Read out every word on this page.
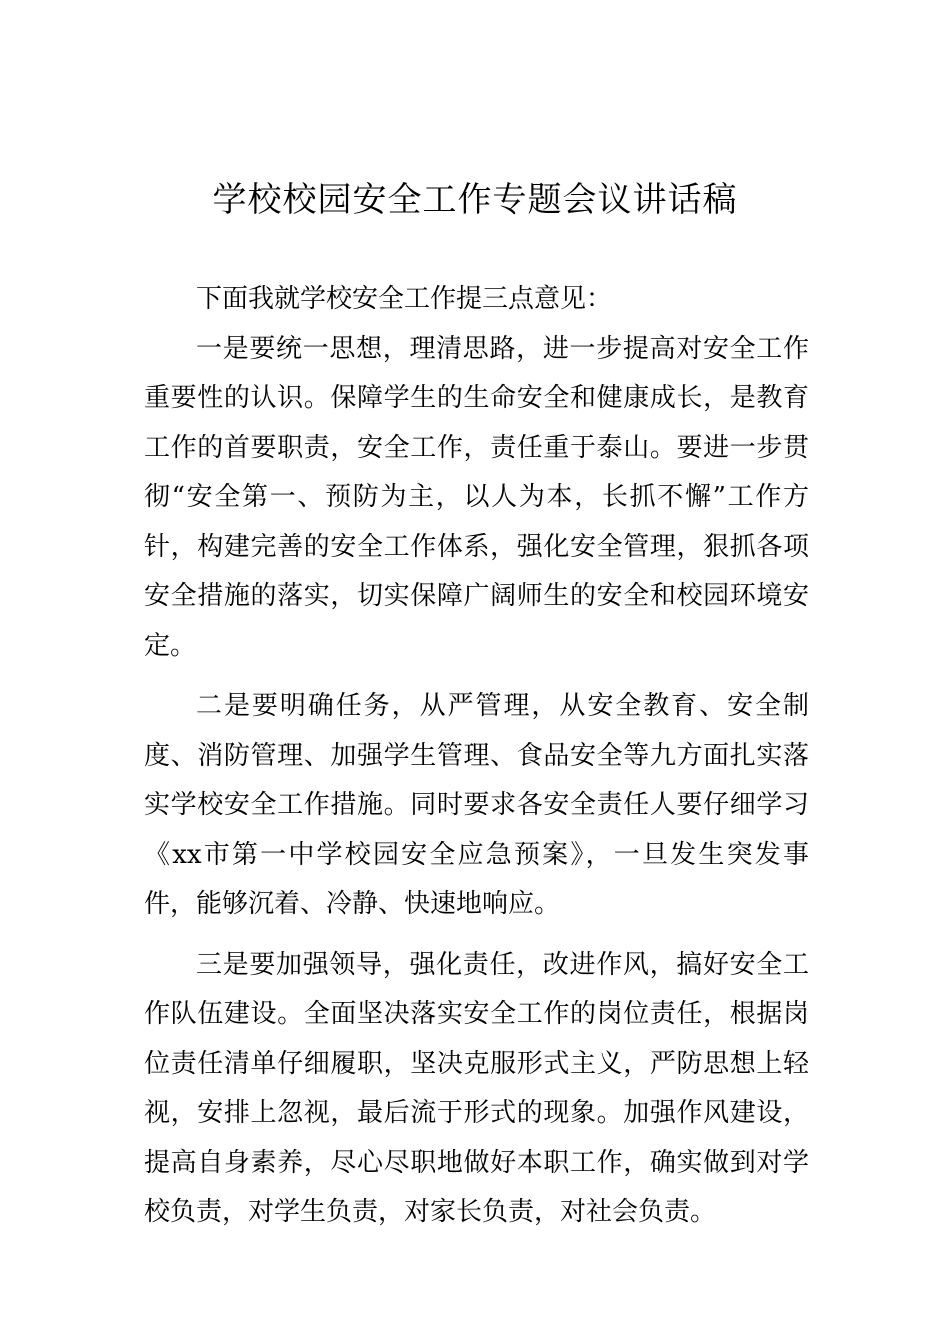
学校校园安全工作专题会议讲话稿

下面我就学校安全工作提三点意见：

一是要统一思想，理清思路，进一步提高对安全工作重要性的认识。保障学生的生命安全和健康成长，是教育工作的首要职责，安全工作，责任重于泰山。要进一步贯彻“安全第一、预防为主，以人为本，长抓不懈”工作方针，构建完善的安全工作体系，强化安全管理，狠抓各项安全措施的落实，切实保障广阔师生的安全和校园环境安定。

二是要明确任务，从严管理，从安全教育、安全制度、消防管理、加强学生管理、食品安全等九方面扎实落实学校安全工作措施。同时要求各安全责任人要仔细学习《xx市第一中学校园安全应急预案》，一旦发生突发事件，能够沉着、冷静、快速地响应。

三是要加强领导，强化责任，改进作风，搞好安全工作队伍建设。全面坚决落实安全工作的岗位责任，根据岗位责任清单仔细履职，坚决克服形式主义，严防思想上轻视，安排上忽视，最后流于形式的现象。加强作风建设，提高自身素养，尽心尽职地做好本职工作，确实做到对学校负责，对学生负责，对家长负责，对社会负责。
